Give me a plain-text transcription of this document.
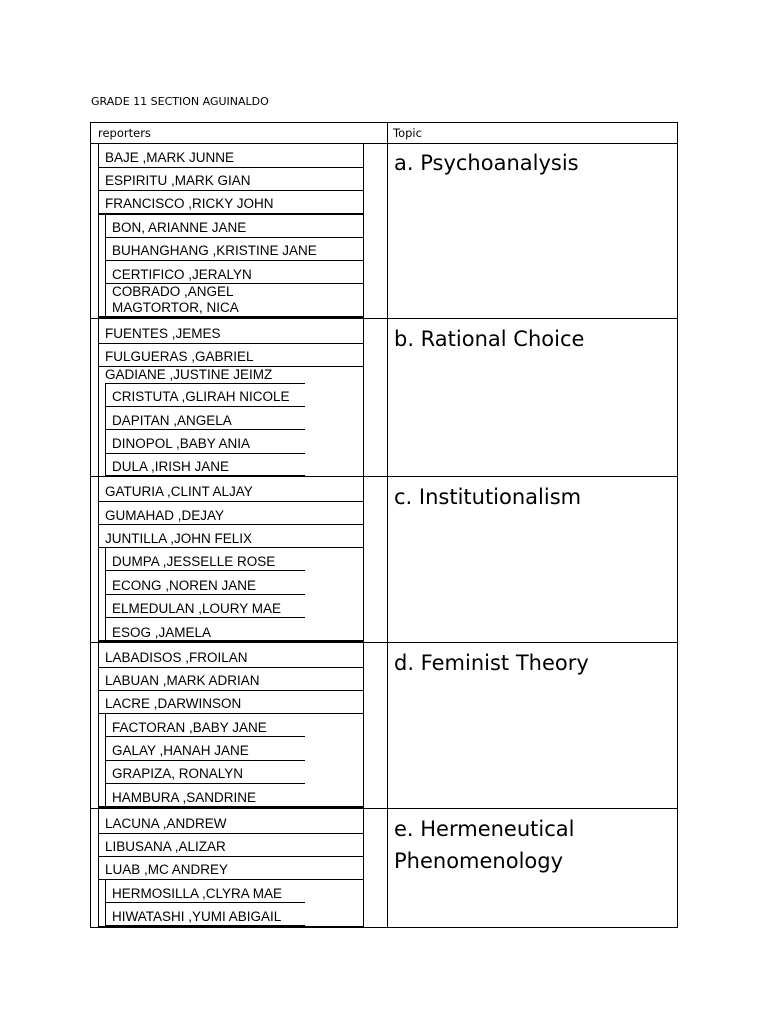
GRADE 11 SECTION AGUINALDO
reporters	Topic
BAJE ,MARK JUNNE
ESPIRITU ,MARK GIAN
FRANCISCO ,RICKY JOHN
BON, ARIANNE JANE
BUHANGHANG ,KRISTINE JANE
CERTIFICO ,JERALYN
COBRADO ,ANGEL
MAGTORTOR, NICA
a. Psychoanalysis
FUENTES ,JEMES
FULGUERAS ,GABRIEL
GADIANE ,JUSTINE JEIMZ
CRISTUTA ,GLIRAH NICOLE
DAPITAN ,ANGELA
DINOPOL ,BABY ANIA
DULA ,IRISH JANE
b. Rational Choice
GATURIA ,CLINT ALJAY
GUMAHAD ,DEJAY
JUNTILLA ,JOHN FELIX
DUMPA ,JESSELLE ROSE
ECONG ,NOREN JANE
ELMEDULAN ,LOURY MAE
ESOG ,JAMELA
c. Institutionalism
LABADISOS ,FROILAN
LABUAN ,MARK ADRIAN
LACRE ,DARWINSON
FACTORAN ,BABY JANE
GALAY ,HANAH JANE
GRAPIZA, RONALYN
HAMBURA ,SANDRINE
d. Feminist Theory
LACUNA ,ANDREW
LIBUSANA ,ALIZAR
LUAB ,MC ANDREY
HERMOSILLA ,CLYRA MAE
HIWATASHI ,YUMI ABIGAIL
e. Hermeneutical
Phenomenology
